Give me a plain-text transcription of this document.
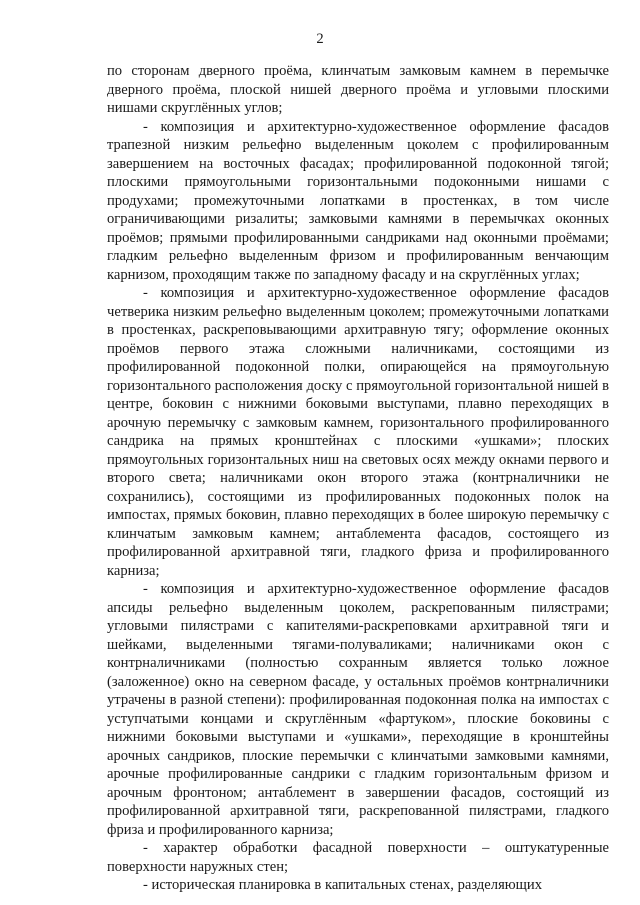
2

по сторонам дверного проёма, клинчатым замковым камнем в перемычке дверного проёма, плоской нишей дверного проёма и угловыми плоскими нишами скруглённых углов;

- композиция и архитектурно-художественное оформление фасадов трапезной низким рельефно выделенным цоколем с профилированным завершением на восточных фасадах; профилированной подоконной тягой; плоскими прямоугольными горизонтальными подоконными нишами с продухами; промежуточными лопатками в простенках, в том числе ограничивающими ризалиты; замковыми камнями в перемычках оконных проёмов; прямыми профилированными сандриками над оконными проёмами; гладким рельефно выделенным фризом и профилированным венчающим карнизом, проходящим также по западному фасаду и на скруглённых углах;

- композиция и архитектурно-художественное оформление фасадов четверика низким рельефно выделенным цоколем; промежуточными лопатками в простенках, раскреповывающими архитравную тягу; оформление оконных проёмов первого этажа сложными наличниками, состоящими из профилированной подоконной полки, опирающейся на прямоугольную горизонтального расположения доску с прямоугольной горизонтальной нишей в центре, боковин с нижними боковыми выступами, плавно переходящих в арочную перемычку с замковым камнем, горизонтального профилированного сандрика на прямых кронштейнах с плоскими «ушками»; плоских прямоугольных горизонтальных ниш на световых осях между окнами первого и второго света; наличниками окон второго этажа (контрналичники не сохранились), состоящими из профилированных подоконных полок на импостах, прямых боковин, плавно переходящих в более широкую перемычку с клинчатым замковым камнем; антаблемента фасадов, состоящего из профилированной архитравной тяги, гладкого фриза и профилированного карниза;

- композиция и архитектурно-художественное оформление фасадов апсиды рельефно выделенным цоколем, раскрепованным пилястрами; угловыми пилястрами с капителями-раскреповками архитравной тяги и шейками, выделенными тягами-полуваликами; наличниками окон с контрналичниками (полностью сохранным является только ложное (заложенное) окно на северном фасаде, у остальных проёмов контрналичники утрачены в разной степени): профилированная подоконная полка на импостах с уступчатыми концами и скруглённым «фартуком», плоские боковины с нижними боковыми выступами и «ушками», переходящие в кронштейны арочных сандриков, плоские перемычки с клинчатыми замковыми камнями, арочные профилированные сандрики с гладким горизонтальным фризом и арочным фронтоном; антаблемент в завершении фасадов, состоящий из профилированной архитравной тяги, раскрепованной пилястрами, гладкого фриза и профилированного карниза;

- характер обработки фасадной поверхности – оштукатуренные поверхности наружных стен;

- историческая планировка в капитальных стенах, разделяющих
